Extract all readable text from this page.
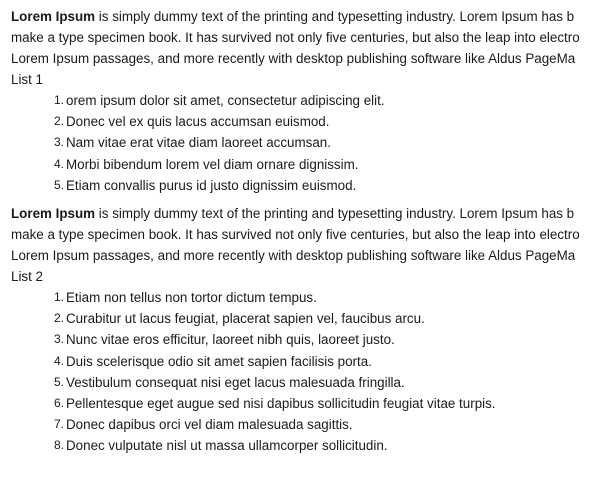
Lorem Ipsum is simply dummy text of the printing and typesetting industry. Lorem Ipsum has b
make a type specimen book. It has survived not only five centuries, but also the leap into electro
Lorem Ipsum passages, and more recently with desktop publishing software like Aldus PageMa

List 1

1. orem ipsum dolor sit amet, consectetur adipiscing elit.
2. Donec vel ex quis lacus accumsan euismod.
3. Nam vitae erat vitae diam laoreet accumsan.
4. Morbi bibendum lorem vel diam ornare dignissim.
5. Etiam convallis purus id justo dignissim euismod.

Lorem Ipsum is simply dummy text of the printing and typesetting industry. Lorem Ipsum has b
make a type specimen book. It has survived not only five centuries, but also the leap into electro
Lorem Ipsum passages, and more recently with desktop publishing software like Aldus PageMa

List 2

1. Etiam non tellus non tortor dictum tempus.
2. Curabitur ut lacus feugiat, placerat sapien vel, faucibus arcu.
3. Nunc vitae eros efficitur, laoreet nibh quis, laoreet justo.
4. Duis scelerisque odio sit amet sapien facilisis porta.
5. Vestibulum consequat nisi eget lacus malesuada fringilla.
6. Pellentesque eget augue sed nisi dapibus sollicitudin feugiat vitae turpis.
7. Donec dapibus orci vel diam malesuada sagittis.
8. Donec vulputate nisl ut massa ullamcorper sollicitudin.
